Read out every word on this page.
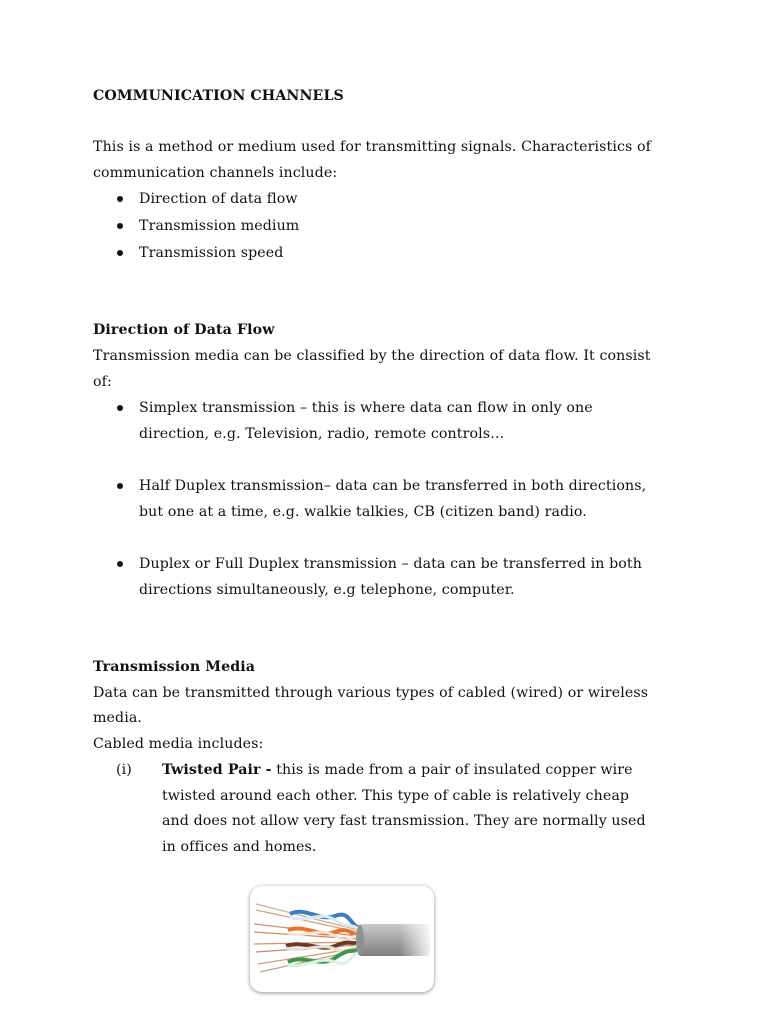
COMMUNICATION CHANNELS
This is a method or medium used for transmitting signals. Characteristics of
communication channels include:
Direction of data flow
Transmission medium
Transmission speed
Direction of Data Flow
Transmission media can be classified by the direction of data flow. It consist
of:
Simplex transmission – this is where data can flow in only one
direction, e.g. Television, radio, remote controls…
Half Duplex transmission– data can be transferred in both directions,
but one at a time, e.g. walkie talkies, CB (citizen band) radio.
Duplex or Full Duplex transmission – data can be transferred in both
directions simultaneously, e.g telephone, computer.
Transmission Media
Data can be transmitted through various types of cabled (wired) or wireless
media.
Cabled media includes:
(i) Twisted Pair - this is made from a pair of insulated copper wire
twisted around each other. This type of cable is relatively cheap
and does not allow very fast transmission. They are normally used
in offices and homes.
